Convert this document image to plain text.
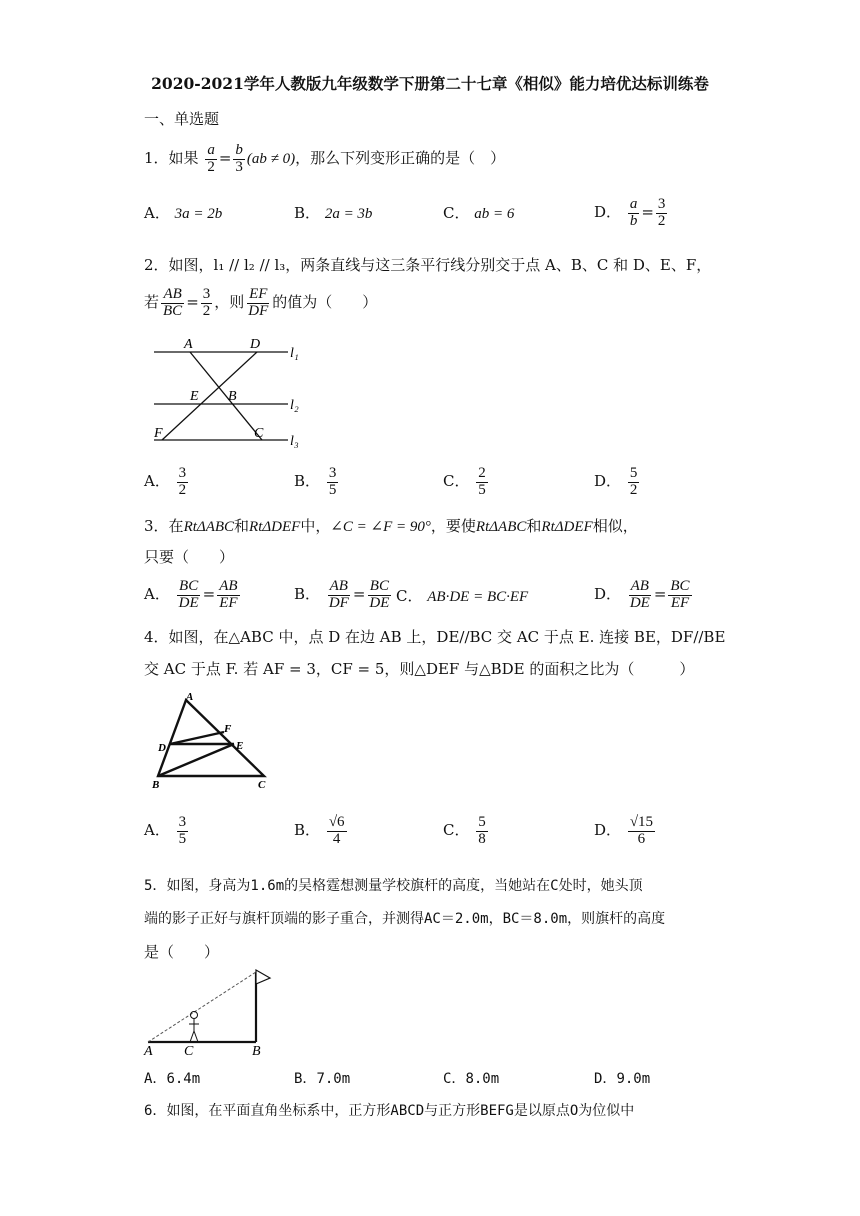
2020-2021学年人教版九年级数学下册第二十七章《相似》能力培优达标训练卷
一、单选题
1．如果 $\frac{a}{2} = \frac{b}{3} (ab \ne 0)$，那么下列变形正确的是（　）
A． 3a = 2b	B． 2a = 3b	C． ab = 6	D． $\frac{a}{b} = \frac{3}{2}$
2．如图，l₁ // l₂ // l₃，两条直线与这三条平行线分别交于点 A、B、C 和 D、E、F，
若 $\frac{AB}{BC} = \frac{3}{2}$ ，则 $\frac{EF}{DF}$ 的值为（　　）
A	D
l₁
E B
l₂
F	C
l₃
A． $\frac{3}{2}$	B． $\frac{3}{5}$	C． $\frac{2}{5}$	D． $\frac{5}{2}$
3．在RtΔABC和RtΔDEF中，∠C = ∠F = 90°，要使RtΔABC和RtΔDEF相似，
只要（　　）
A． $\frac{BC}{DE} = \frac{AB}{EF}$	B． $\frac{AB}{DF} = \frac{BC}{DE}$ C． AB·DE = BC·EF	D． $\frac{AB}{DE} = \frac{BC}{EF}$
4．如图，在△ABC 中，点 D 在边 AB 上，DE//BC 交 AC 于点 E. 连接 BE，DF//BE
交 AC 于点 F. 若 AF = 3，CF = 5，则△DEF 与△BDE 的面积之比为（　　　）
A
F
D	E
B	C
A． $\frac{3}{5}$	B． $\frac{√6}{4}$	C． $\frac{5}{8}$	D． $\frac{√15}{6}$
5．如图，身高为1.6m的吴格霆想测量学校旗杆的高度，当她站在C处时，她头顶
端的影子正好与旗杆顶端的影子重合，并测得AC＝2.0m，BC＝8.0m，则旗杆的高度
是（　　）
A C	B
A．6.4m	B．7.0m	C．8.0m	D．9.0m
6．如图，在平面直角坐标系中，正方形ABCD与正方形BEFG是以原点O为位似中
